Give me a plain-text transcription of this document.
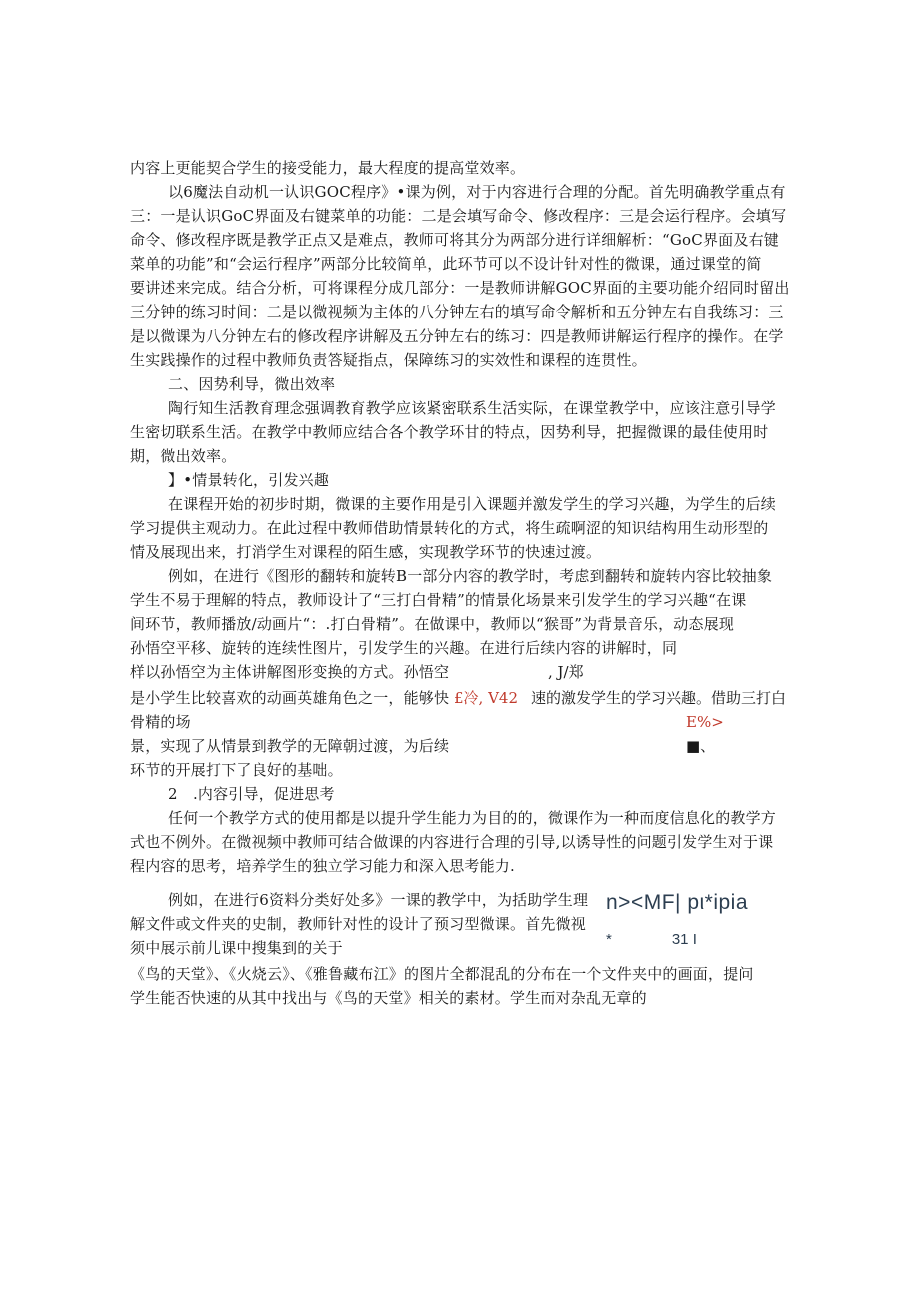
内容上更能契合学生的接受能力，最大程度的提高堂效率。
以6魔法自动机一认识GOC程序》•课为例，对于内容进行合理的分配。首先明确教学重点有
三：一是认识GoC界面及右键菜单的功能：二是会填写命令、修改程序：三是会运行程序。会填写
命令、修改程序既是教学正点又是难点，教师可将其分为两部分进行详细解析：“GoC界面及右键
菜单的功能”和“会运行程序”两部分比较简单，此环节可以不设计针对性的微课，通过课堂的简
要讲述来完成。结合分析，可将课程分成几部分：一是教师讲解GOC界面的主要功能介绍同时留出
三分钟的练习时间：二是以微视频为主体的八分钟左右的填写命令解析和五分钟左右自我练习：三
是以微课为八分钟左右的修改程序讲解及五分钟左右的练习：四是教师讲解运行程序的操作。在学
生实践操作的过程中教师负责答疑指点，保障练习的实效性和课程的连贯性。
二、因势利导，微出效率
陶行知生活教育理念强调教育教学应该紧密联系生活实际，在课堂教学中，应该注意引导学
生密切联系生活。在教学中教师应结合各个教学环甘的特点，因势利导，把握微课的最佳使用时
期，微出效率。
】•情景转化，引发兴趣
在课程开始的初步时期，微课的主要作用是引入课题并激发学生的学习兴趣，为学生的后续
学习提供主观动力。在此过程中教师借助情景转化的方式，将生疏啊涩的知识结构用生动形型的
情及展现出来，打消学生对课程的陌生感，实现教学环节的快速过渡。
例如，在进行《图形的翻转和旋转B一部分内容的教学时，考虑到翻转和旋转内容比较抽象
学生不易于理解的特点，教师设计了“三打白骨精”的情景化场景来引发学生的学习兴趣“在课
间环节，教师播放/动画片“：.打白骨精”。在做课中，教师以“猴哥”为背景音乐，动态展现
孙悟空平移、旋转的连续性图片，引发学生的兴趣。在进行后续内容的讲解时，同
样以孙悟空为主体讲解图形变换的方式。孙悟空	, J/郑
是小学生比较喜欢的动画英雄角色之一，能够快 £冷, V42 速的激发学生的学习兴趣。借助三打白
骨精的场	E%>
景，实现了从情景到教学的无障朝过渡，为后续	■、
环节的开展打下了良好的基咄。
2 .内容引导，促进思考
任何一个教学方式的使用都是以提升学生能力为目的的，微课作为一种而度信息化的教学方
式也不例外。在微视频中教师可结合做课的内容进行合理的引导,以诱导性的问题引发学生对于课
程内容的思考，培养学生的独立学习能力和深入思考能力.
例如，在进行6资料分类好处多》一课的教学中，为括助学生理 n><MF| pι*ipia
解文件或文件夹的史制，教师针对性的设计了预习型微课。首先微视
须中展示前儿课中搜集到的关于	*    31 I
《鸟的天堂》、《火烧云》、《雅鲁藏布江》的图片全都混乱的分布在一个文件夹中的画面，提问
学生能否快速的从其中找出与《鸟的天堂》相关的素材。学生而对杂乱无章的
